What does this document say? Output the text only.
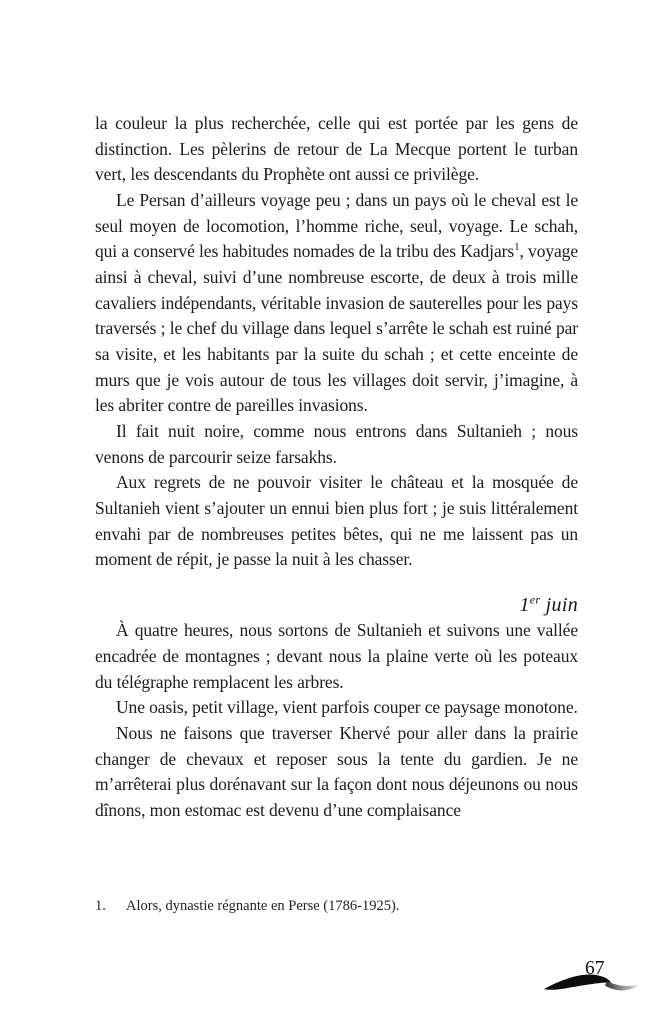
la couleur la plus recherchée, celle qui est portée par les gens de distinction. Les pèlerins de retour de La Mecque portent le turban vert, les descendants du Prophète ont aussi ce privilège.

Le Persan d’ailleurs voyage peu ; dans un pays où le cheval est le seul moyen de locomotion, l’homme riche, seul, voyage. Le schah, qui a conservé les habitudes nomades de la tribu des Kadjars$^1$, voyage ainsi à cheval, suivi d’une nombreuse escorte, de deux à trois mille cavaliers indépendants, véritable invasion de sauterelles pour les pays traversés ; le chef du village dans lequel s’arrête le schah est ruiné par sa visite, et les habitants par la suite du schah ; et cette enceinte de murs que je vois autour de tous les villages doit servir, j’imagine, à les abriter contre de pareilles invasions.

Il fait nuit noire, comme nous entrons dans Sultanieh ; nous venons de parcourir seize farsakhs.

Aux regrets de ne pouvoir visiter le château et la mosquée de Sultanieh vient s’ajouter un ennui bien plus fort ; je suis littéralement envahi par de nombreuses petites bêtes, qui ne me laissent pas un moment de répit, je passe la nuit à les chasser.

1er juin

À quatre heures, nous sortons de Sultanieh et suivons une vallée encadrée de montagnes ; devant nous la plaine verte où les poteaux du télégraphe remplacent les arbres.

Une oasis, petit village, vient parfois couper ce paysage monotone.

Nous ne faisons que traverser Khervé pour aller dans la prairie changer de chevaux et reposer sous la tente du gardien. Je ne m’arrêterai plus dorénavant sur la façon dont nous déjeunons ou nous dînons, mon estomac est devenu d’une complaisance

1. Alors, dynastie régnante en Perse (1786-1925).
67
